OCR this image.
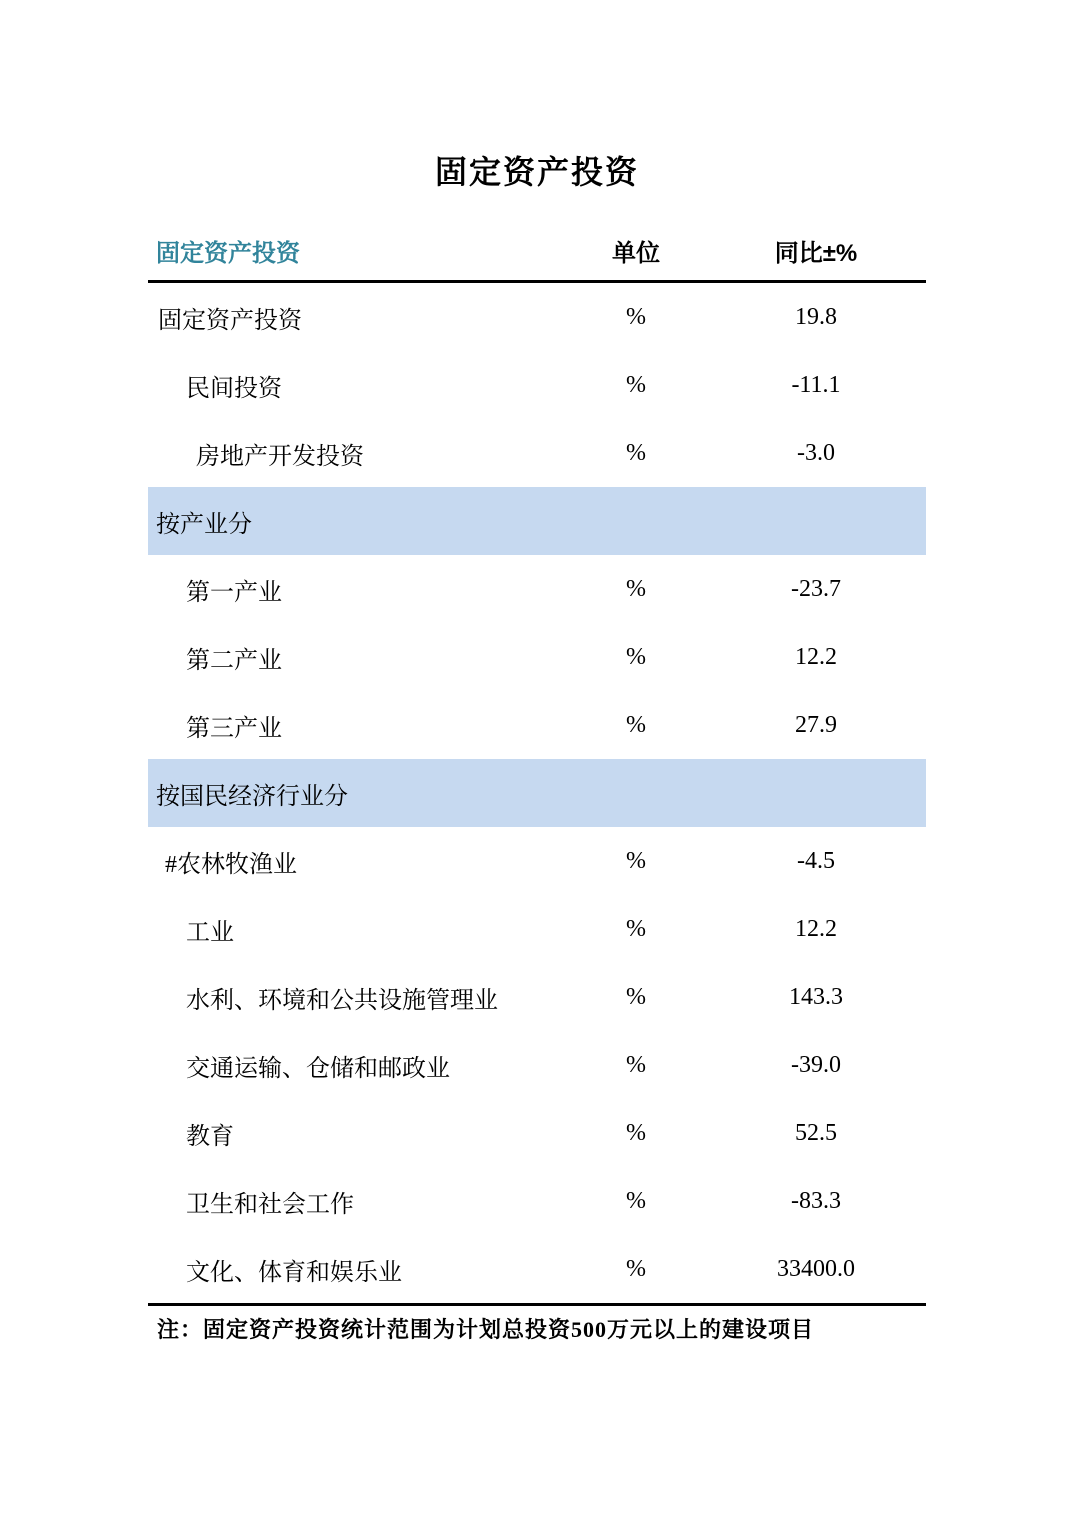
固定资产投资
固定资产投资	单位	同比±%
固定资产投资	%	19.8
民间投资	%	-11.1
房地产开发投资	%	-3.0
按产业分
第一产业	%	-23.7
第二产业	%	12.2
第三产业	%	27.9
按国民经济行业分
#农林牧渔业	%	-4.5
工业	%	12.2
水利、环境和公共设施管理业	%	143.3
交通运输、仓储和邮政业	%	-39.0
教育	%	52.5
卫生和社会工作	%	-83.3
文化、体育和娱乐业	%	33400.0
注：固定资产投资统计范围为计划总投资500万元以上的建设项目
